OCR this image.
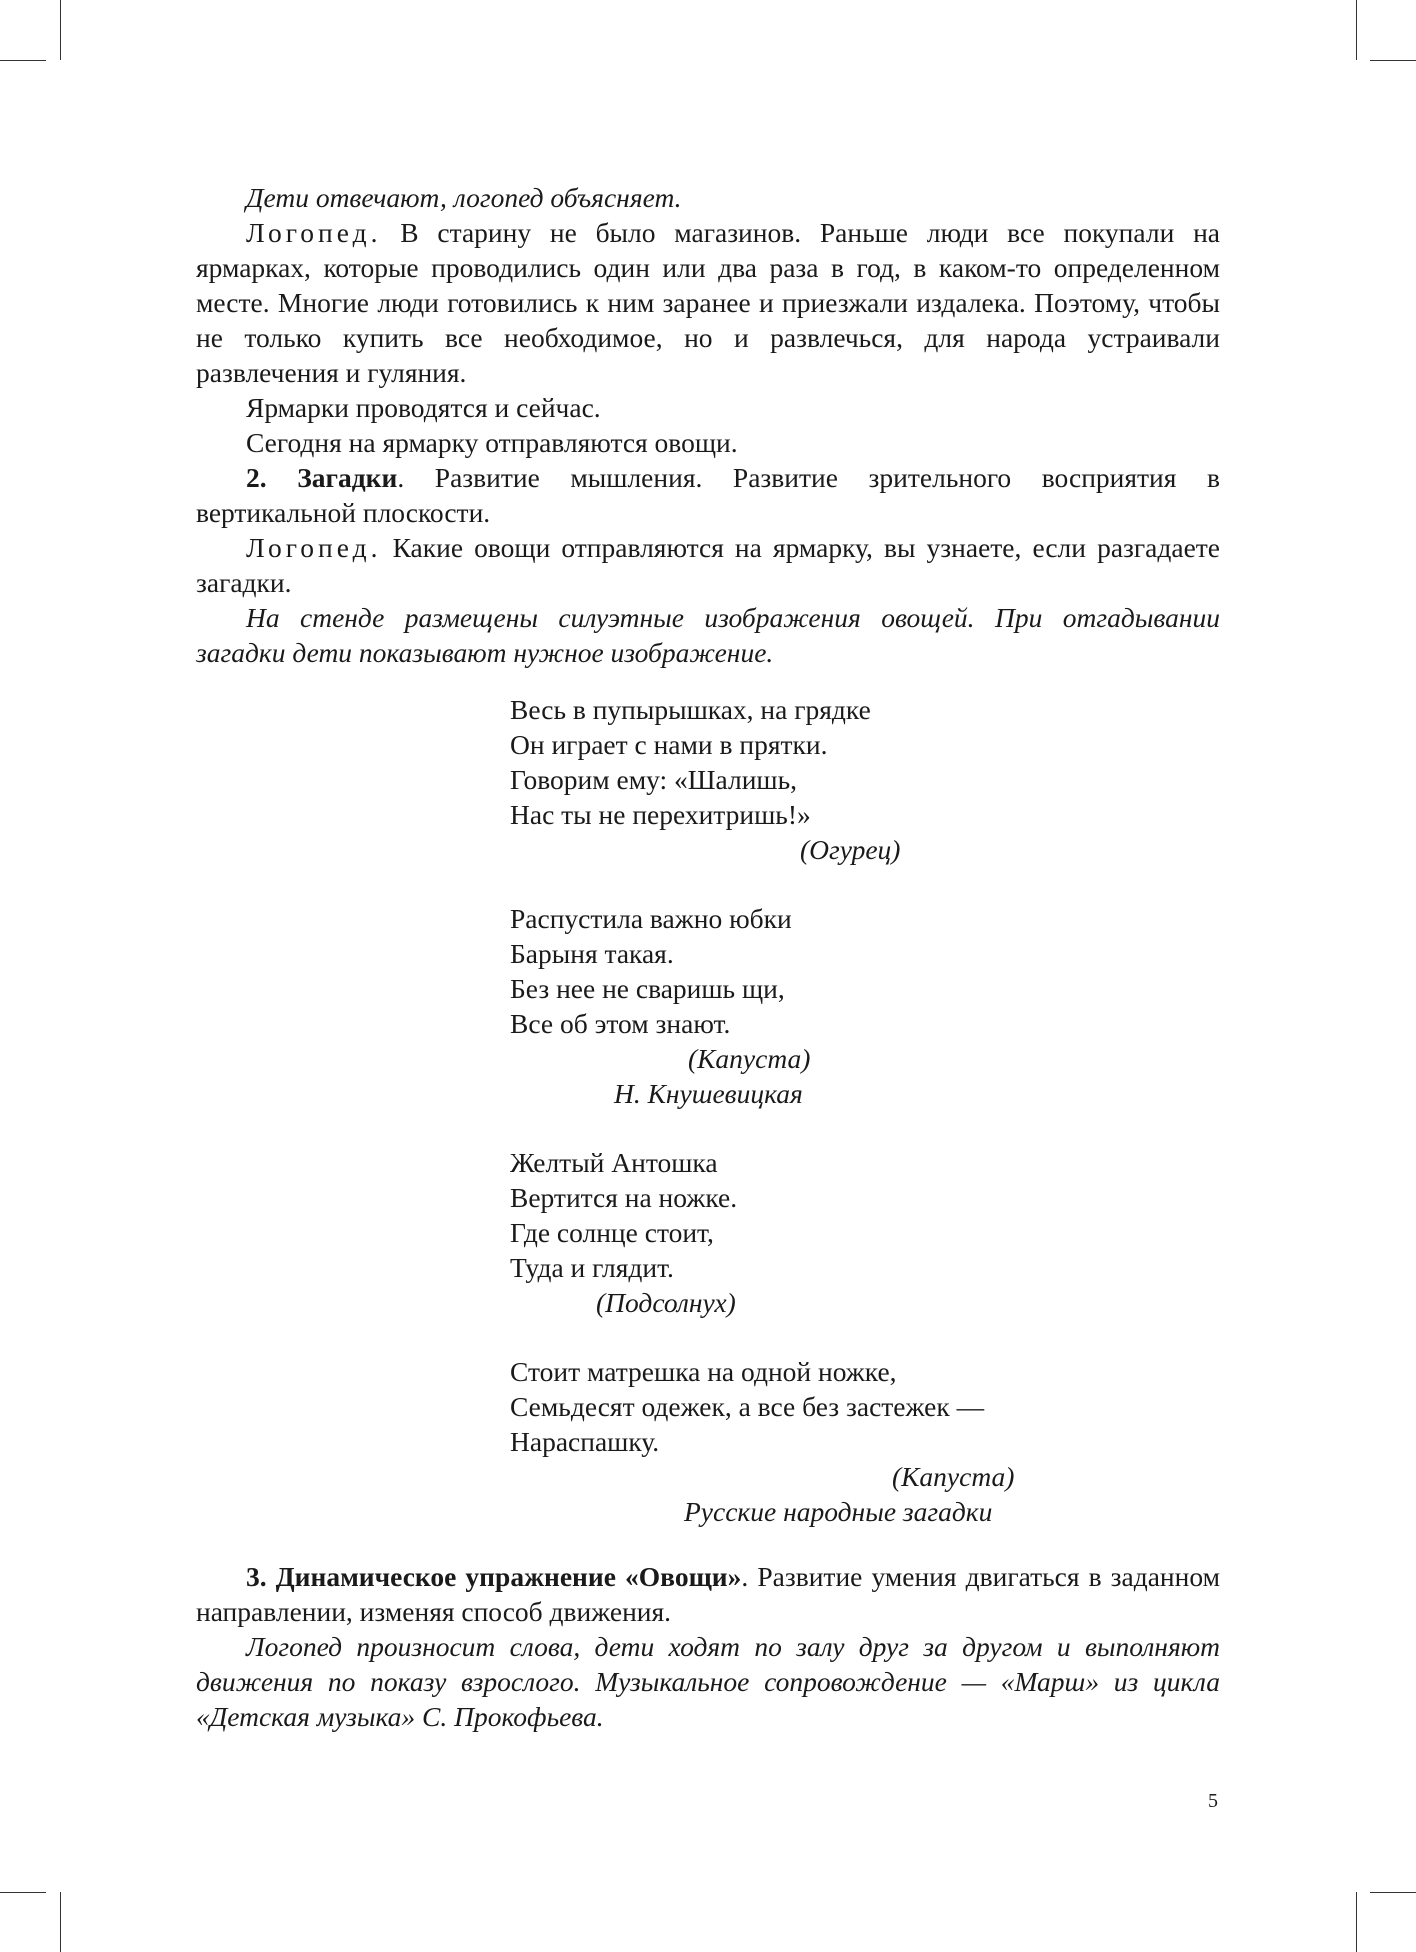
Дети отвечают, логопед объясняет.

Логопед. В старину не было магазинов. Раньше люди все покупали на ярмарках, которые проводились один или два раза в год, в каком-то определенном месте. Многие люди готовились к ним заранее и приезжали издалека. Поэтому, чтобы не только купить все необходимое, но и развлечься, для народа устраивали развлечения и гуляния.

Ярмарки проводятся и сейчас.

Сегодня на ярмарку отправляются овощи.

2. Загадки. Развитие мышления. Развитие зрительного восприятия в вертикальной плоскости.

Логопед. Какие овощи отправляются на ярмарку, вы узнаете, если разгадаете загадки.

На стенде размещены силуэтные изображения овощей. При отгадывании загадки дети показывают нужное изображение.

Весь в пупырышках, на грядке
Он играет с нами в прятки.
Говорим ему: «Шалишь,
Нас ты не перехитришь!»
(Огурец)
Распустила важно юбки
Барыня такая.
Без нее не сваришь щи,
Все об этом знают.
(Капуста)
Н. Кнушевицкая
Желтый Антошка
Вертится на ножке.
Где солнце стоит,
Туда и глядит.
(Подсолнух)
Стоит матрешка на одной ножке,
Семьдесят одежек, а все без застежек —
Нараспашку.
(Капуста)
Русские народные загадки

3. Динамическое упражнение «Овощи». Развитие умения двигаться в заданном направлении, изменяя способ движения.

Логопед произносит слова, дети ходят по залу друг за другом и выполняют движения по показу взрослого. Музыкальное сопровождение — «Марш» из цикла «Детская музыка» С. Прокофьева.

5
